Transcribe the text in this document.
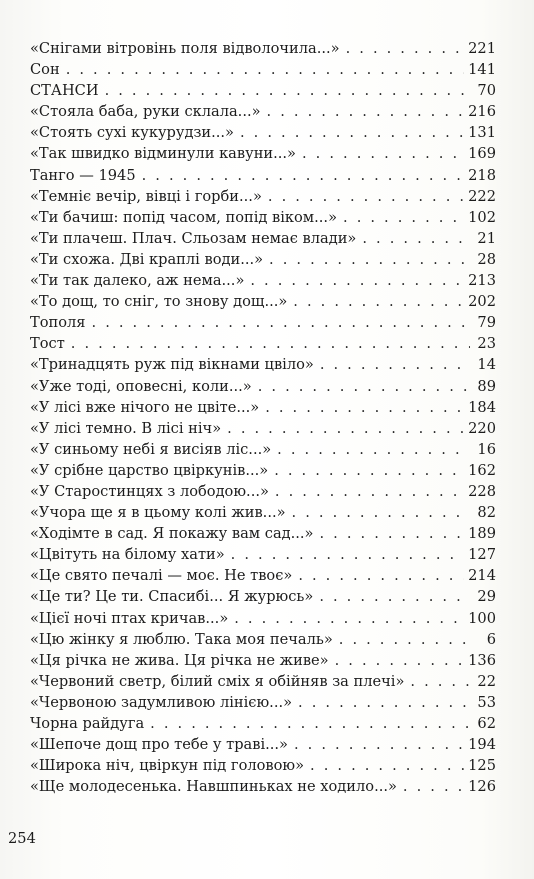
«Снігами вітровінь поля відволочила...» . . .	221
Сон . . .	141
СТАНСИ . . .	70
«Стояла баба, руки склала...» . . .	216
«Стоять сухі кукурудзи...» . . .	131
«Так швидко відминули кавуни...» . . .	169
Танго — 1945 . . .	218
«Темніє вечір, вівці і горби...» . . .	222
«Ти бачиш: попід часом, попід віком...» . . .	102
«Ти плачеш. Плач. Сльозам немає влади» . . .	21
«Ти схожа. Дві краплі води...» . . .	28
«Ти так далеко, аж нема...» . . .	213
«То дощ, то сніг, то знову дощ...» . . .	202
Тополя . . .	79
Тост . . .	23
«Тринадцять руж під вікнами цвіло» . . .	14
«Уже тоді, оповесні, коли...» . . .	89
«У лісі вже нічого не цвіте...» . . .	184
«У лісі темно. В лісі ніч» . . .	220
«У синьому небі я висіяв ліс...» . . .	16
«У срібне царство цвіркунів...» . . .	162
«У Старостинцях з лободою...» . . .	228
«Учора ще я в цьому колі жив...» . . .	82
«Ходімте в сад. Я покажу вам сад...» . . .	189
«Цвітуть на білому хати» . . .	127
«Це свято печалі — моє. Не твоє» . . .	214
«Це ти? Це ти. Спасибі... Я журюсь» . . .	29
«Цієї ночі птах кричав...» . . .	100
«Цю жінку я люблю. Така моя печаль» . . .	6
«Ця річка не жива. Ця річка не живе» . . .	136
«Червоний светр, білий сміх я обійняв за плечі» . . .	22
«Червоною задумливою лінією...» . . .	53
Чорна райдуга . . .	62
«Шепоче дощ про тебе у траві...» . . .	194
«Широка ніч, цвіркун під головою» . . .	125
«Ще молодесенька. Навшпиньках не ходило...» . . .	126
254
